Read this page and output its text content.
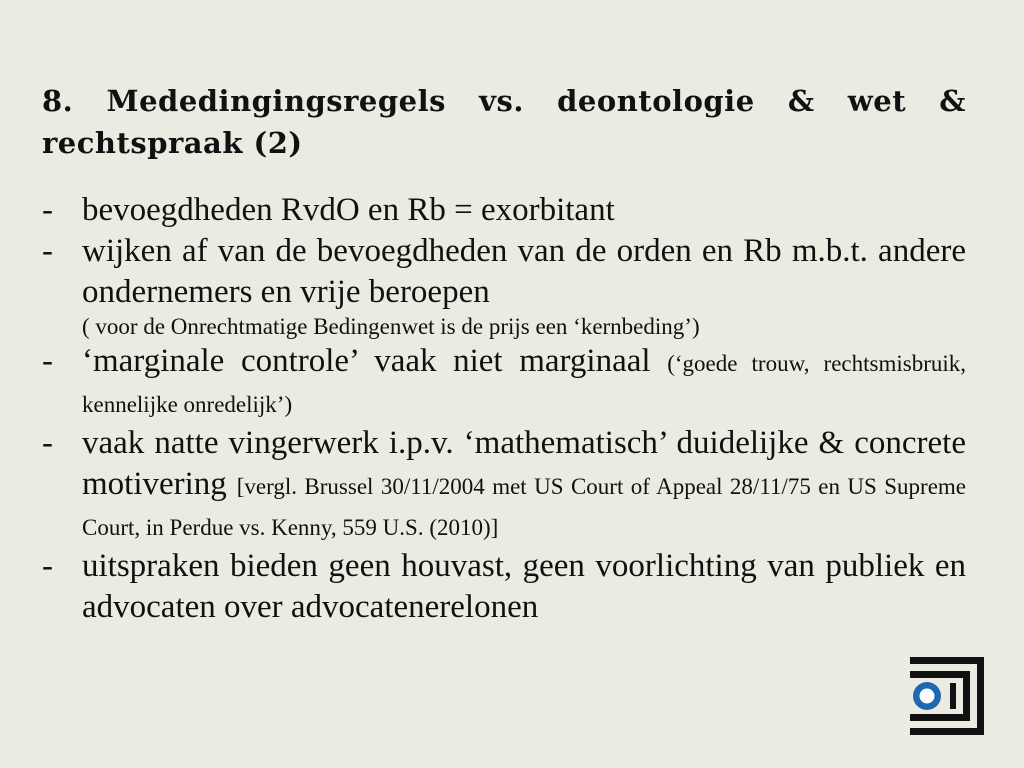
8. Mededingingsregels vs. deontologie & wet & rechtspraak (2)
- bevoegdheden RvdO en Rb = exorbitant
- wijken af van de bevoegdheden van de orden en Rb m.b.t. andere ondernemers en vrije beroepen
( voor de Onrechtmatige Bedingenwet is de prijs een ‘kernbeding’)
- ‘marginale controle’ vaak niet marginaal (‘goede trouw, rechtsmisbruik, kennelijke onredelijk’)
- vaak natte vingerwerk i.p.v. ‘mathematisch’ duidelijke & concrete motivering [vergl. Brussel 30/11/2004 met US Court of Appeal 28/11/75 en US Supreme Court, in Perdue vs. Kenny, 559 U.S. (2010)]
- uitspraken bieden geen houvast, geen voorlichting van publiek en advocaten over advocatenerelonen
